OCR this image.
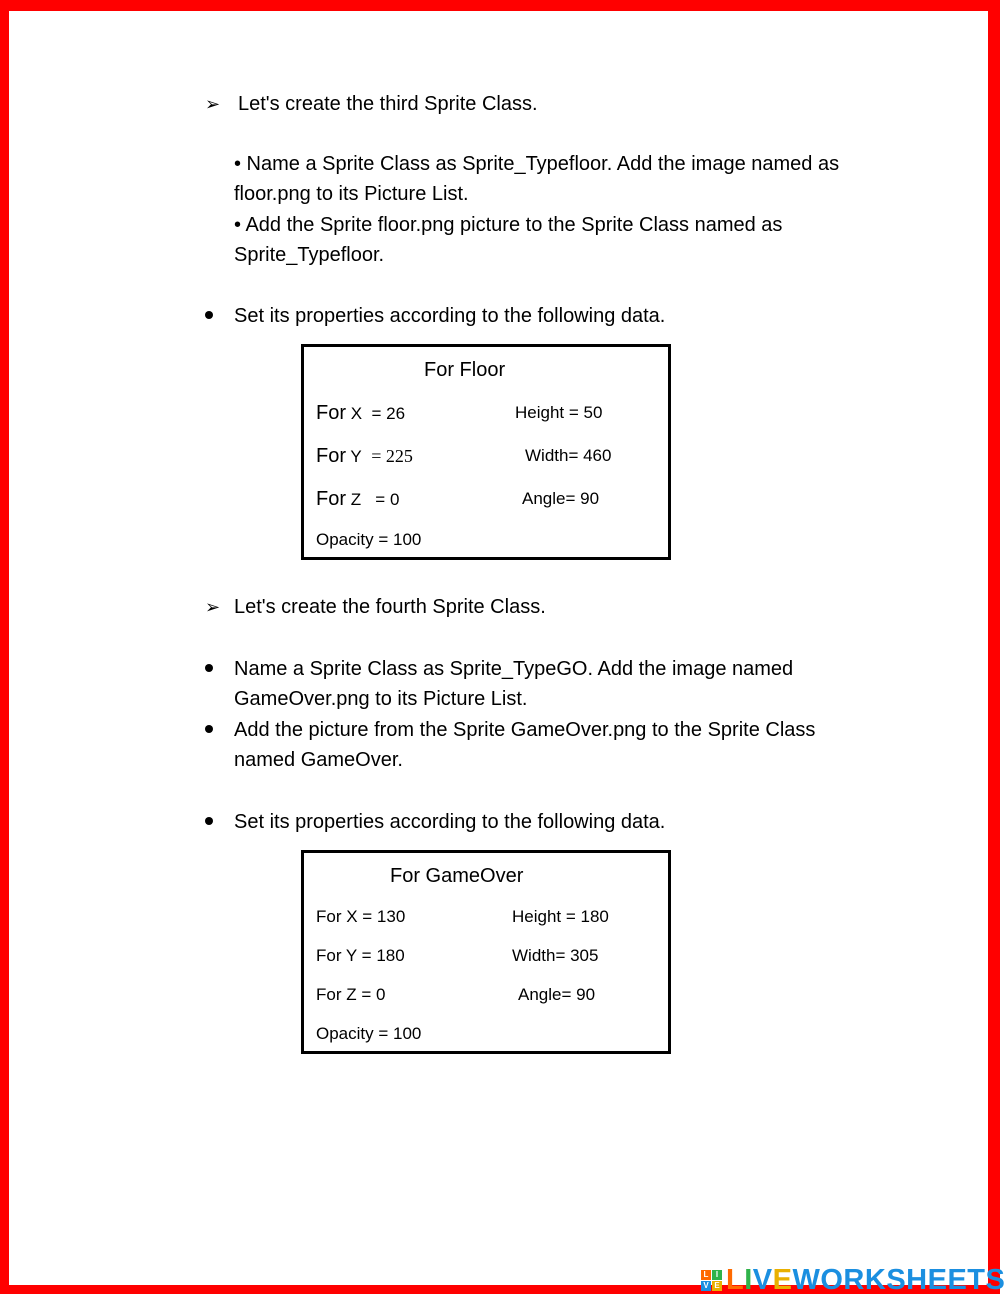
➢ Let's create the third Sprite Class.
• Name a Sprite Class as Sprite_Typefloor. Add the image named as
floor.png to its Picture List.
• Add the Sprite floor.png picture to the Sprite Class named as
Sprite_Typefloor.
Set its properties according to the following data.
For Floor
For X = 26	Height = 50
For Y = 225	Width= 460
For Z = 0	Angle= 90
Opacity = 100
➢ Let's create the fourth Sprite Class.
Name a Sprite Class as Sprite_TypeGO. Add the image named
GameOver.png to its Picture List.
Add the picture from the Sprite GameOver.png to the Sprite Class
named GameOver.
Set its properties according to the following data.
For GameOver
For X = 130	Height = 180
For Y = 180	Width= 305
For Z = 0	Angle= 90
Opacity = 100
L I
V E LIVEWORKSHEETS
